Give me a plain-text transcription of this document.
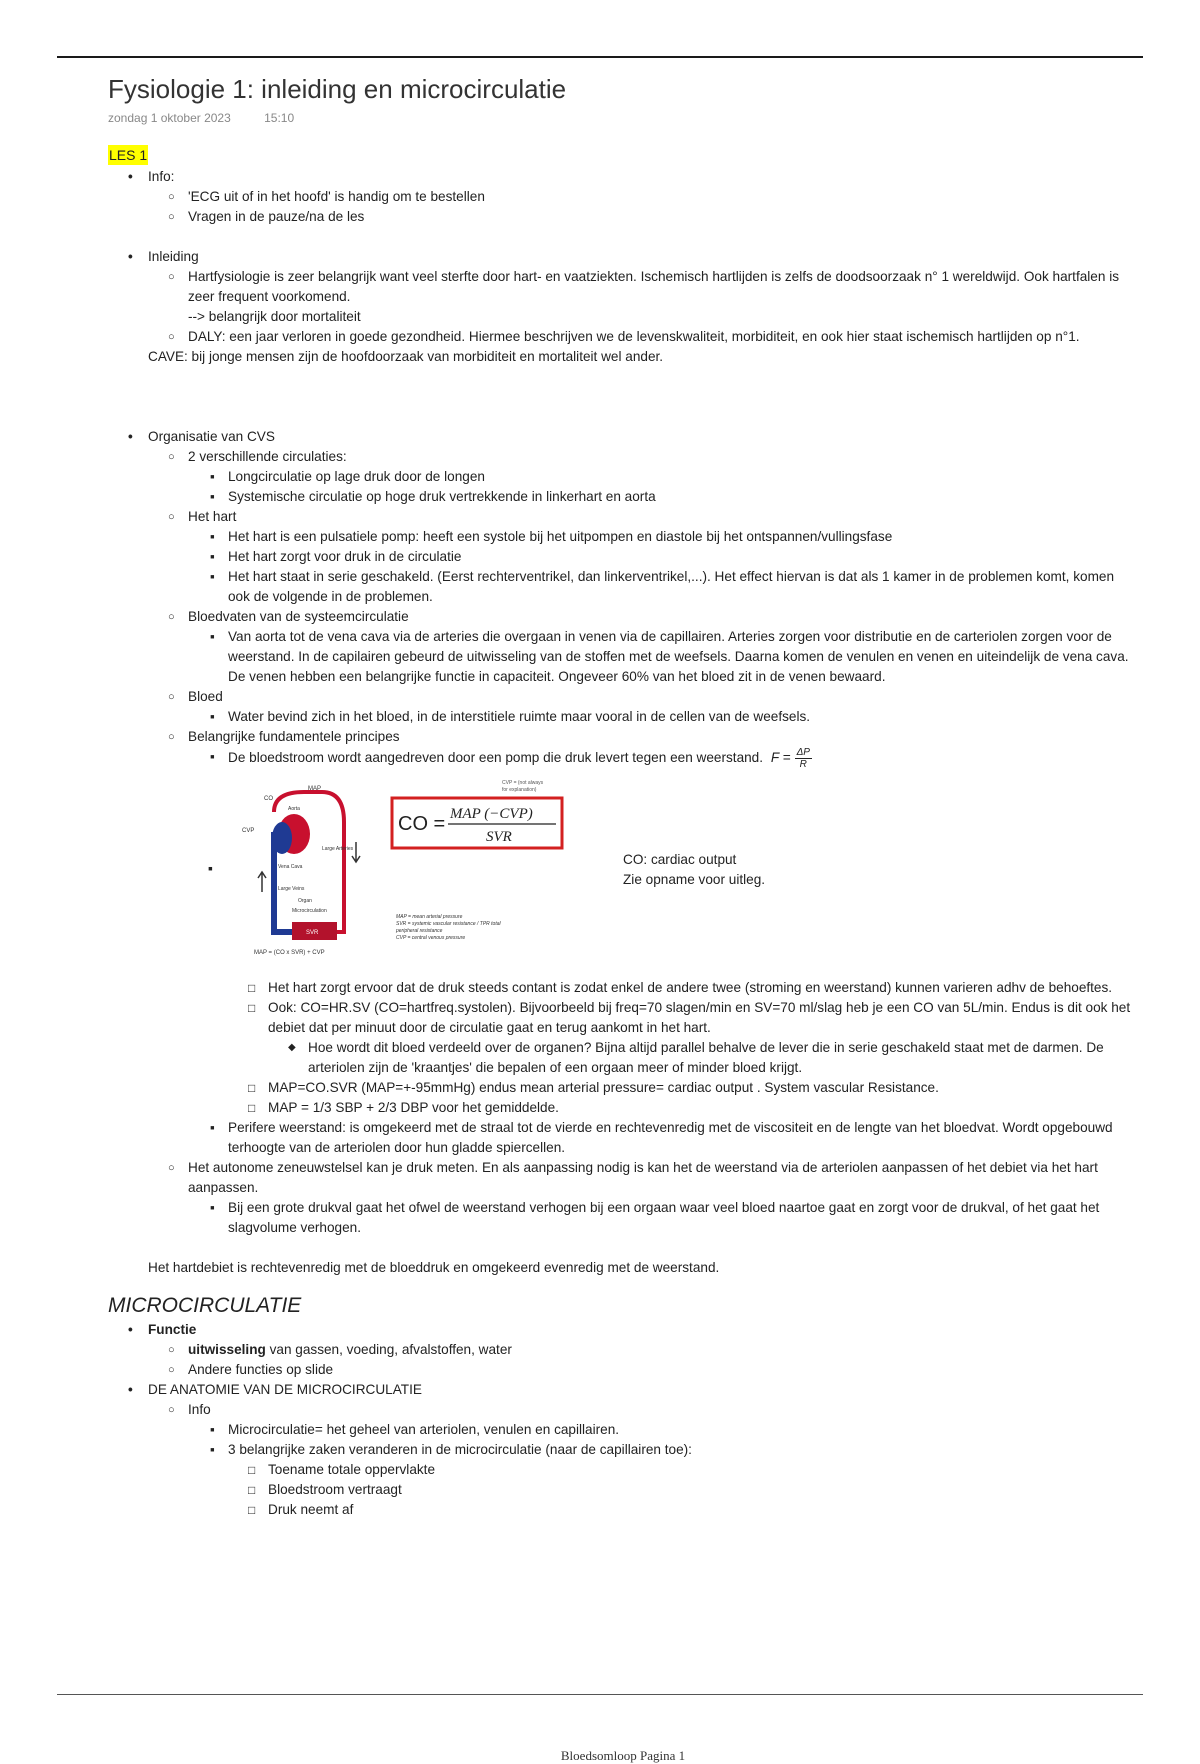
Fysiologie 1: inleiding en microcirculatie
zondag 1 oktober 2023	15:10
LES 1
• Info:
○ 'ECG uit of in het hoofd' is handig om te bestellen
○ Vragen in de pauze/na de les
• Inleiding
○ Hartfysiologie is zeer belangrijk want veel sterfte door hart- en vaatziekten. Ischemisch hartlijden is zelfs de doodsoorzaak n° 1 wereldwijd. Ook hartfalen is zeer frequent voorkomend.
--> belangrijk door mortaliteit
○ DALY: een jaar verloren in goede gezondheid. Hiermee beschrijven we de levenskwaliteit, morbiditeit, en ook hier staat ischemisch hartlijden op n°1.
CAVE: bij jonge mensen zijn de hoofdoorzaak van morbiditeit en mortaliteit wel ander.
• Organisatie van CVS
○ 2 verschillende circulaties:
▪ Longcirculatie op lage druk door de longen
▪ Systemische circulatie op hoge druk vertrekkende in linkerhart en aorta
○ Het hart
▪ Het hart is een pulsatiele pomp: heeft een systole bij het uitpompen en diastole bij het ontspannen/vullingsfase
▪ Het hart zorgt voor druk in de circulatie
▪ Het hart staat in serie geschakeld. (Eerst rechterventrikel, dan linkerventrikel,...). Het effect hiervan is dat als 1 kamer in de problemen komt, komen ook de volgende in de problemen.
○ Bloedvaten van de systeemcirculatie
▪ Van aorta tot de vena cava via de arteries die overgaan in venen via de capillairen. Arteries zorgen voor distributie en de carteriolen zorgen voor de weerstand. In de capilairen gebeurd de uitwisseling van de stoffen met de weefsels. Daarna komen de venulen en venen en uiteindelijk de vena cava. De venen hebben een belangrijke functie in capaciteit. Ongeveer 60% van het bloed zit in de venen bewaard.
○ Bloed
▪ Water bevind zich in het bloed, in de interstitiele ruimte maar vooral in de cellen van de weefsels.
○ Belangrijke fundamentele principes
▪ De bloedstroom wordt aangedreven door een pomp die druk levert tegen een weerstand. $F = \frac{\Delta P}{R}$
▪
MAP
CO
CVP
Aorta
Large Arteries
Vena Cava
Large Veins
Organ
Microcirculation
SVR
MAP = (CO x SVR) + CVP
CVP = (not always
for explanation)
CO = MAP (−CVP)
SVR
MAP = mean arterial pressure
SVR = systemic vascular resistance / TPR total
peripheral resistance
CVP = central venous pressure
CO: cardiac output
Zie opname voor uitleg.
□ Het hart zorgt ervoor dat de druk steeds contant is zodat enkel de andere twee (stroming en weerstand) kunnen varieren adhv de behoeftes.
□ Ook: CO=HR.SV (CO=hartfreq.systolen). Bijvoorbeeld bij freq=70 slagen/min en SV=70 ml/slag heb je een CO van 5L/min. Endus is dit ook het debiet dat per minuut door de circulatie gaat en terug aankomt in het hart.
◆ Hoe wordt dit bloed verdeeld over de organen? Bijna altijd parallel behalve de lever die in serie geschakeld staat met de darmen. De arteriolen zijn de 'kraantjes' die bepalen of een orgaan meer of minder bloed krijgt.
□ MAP=CO.SVR (MAP=+-95mmHg) endus mean arterial pressure= cardiac output . System vascular Resistance.
□ MAP = 1/3 SBP + 2/3 DBP voor het gemiddelde.
▪ Perifere weerstand: is omgekeerd met de straal tot de vierde en rechtevenredig met de viscositeit en de lengte van het bloedvat. Wordt opgebouwd terhoogte van de arteriolen door hun gladde spiercellen.
○ Het autonome zeneuwstelsel kan je druk meten. En als aanpassing nodig is kan het de weerstand via de arteriolen aanpassen of het debiet via het hart aanpassen.
▪ Bij een grote drukval gaat het ofwel de weerstand verhogen bij een orgaan waar veel bloed naartoe gaat en zorgt voor de drukval, of het gaat het slagvolume verhogen.
Het hartdebiet is rechtevenredig met de bloeddruk en omgekeerd evenredig met de weerstand.
MICROCIRCULATIE
• Functie
○ uitwisseling van gassen, voeding, afvalstoffen, water
○ Andere functies op slide
• DE ANATOMIE VAN DE MICROCIRCULATIE
○ Info
▪ Microcirculatie= het geheel van arteriolen, venulen en capillairen.
▪ 3 belangrijke zaken veranderen in de microcirculatie (naar de capillairen toe):
□ Toename totale oppervlakte
□ Bloedstroom vertraagt
□ Druk neemt af
Bloedsomloop Pagina 1
